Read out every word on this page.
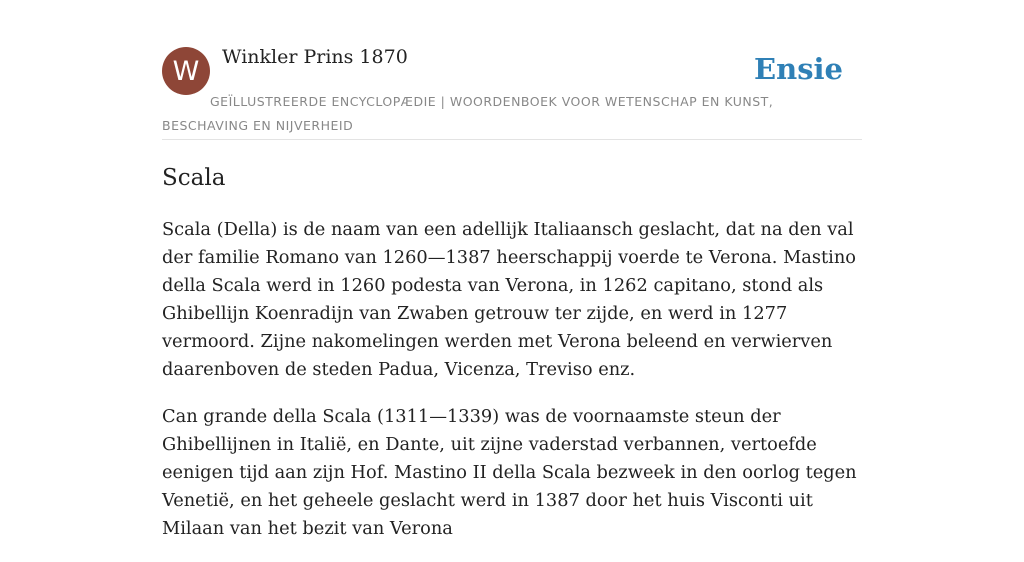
W Winkler Prins 1870	Ensie

GEÏLLUSTREERDE ENCYCLOPÆDIE | WOORDENBOEK VOOR WETENSCHAP EN KUNST, BESCHAVING EN NIJVERHEID

Scala

Scala (Della) is de naam van een adellijk Italiaansch geslacht, dat na den val der familie Romano van 1260—1387 heerschappij voerde te Verona. Mastino della Scala werd in 1260 podesta van Verona, in 1262 capitano, stond als Ghibellijn Koenradijn van Zwaben getrouw ter zijde, en werd in 1277 vermoord. Zijne nakomelingen werden met Verona beleend en verwierven daarenboven de steden Padua, Vicenza, Treviso enz.

Can grande della Scala (1311—1339) was de voornaamste steun der Ghibellijnen in Italië, en Dante, uit zijne vaderstad verbannen, vertoefde eenigen tijd aan zijn Hof. Mastino II della Scala bezweek in den oorlog tegen Venetië, en het geheele geslacht werd in 1387 door het huis Visconti uit Milaan van het bezit van Verona
